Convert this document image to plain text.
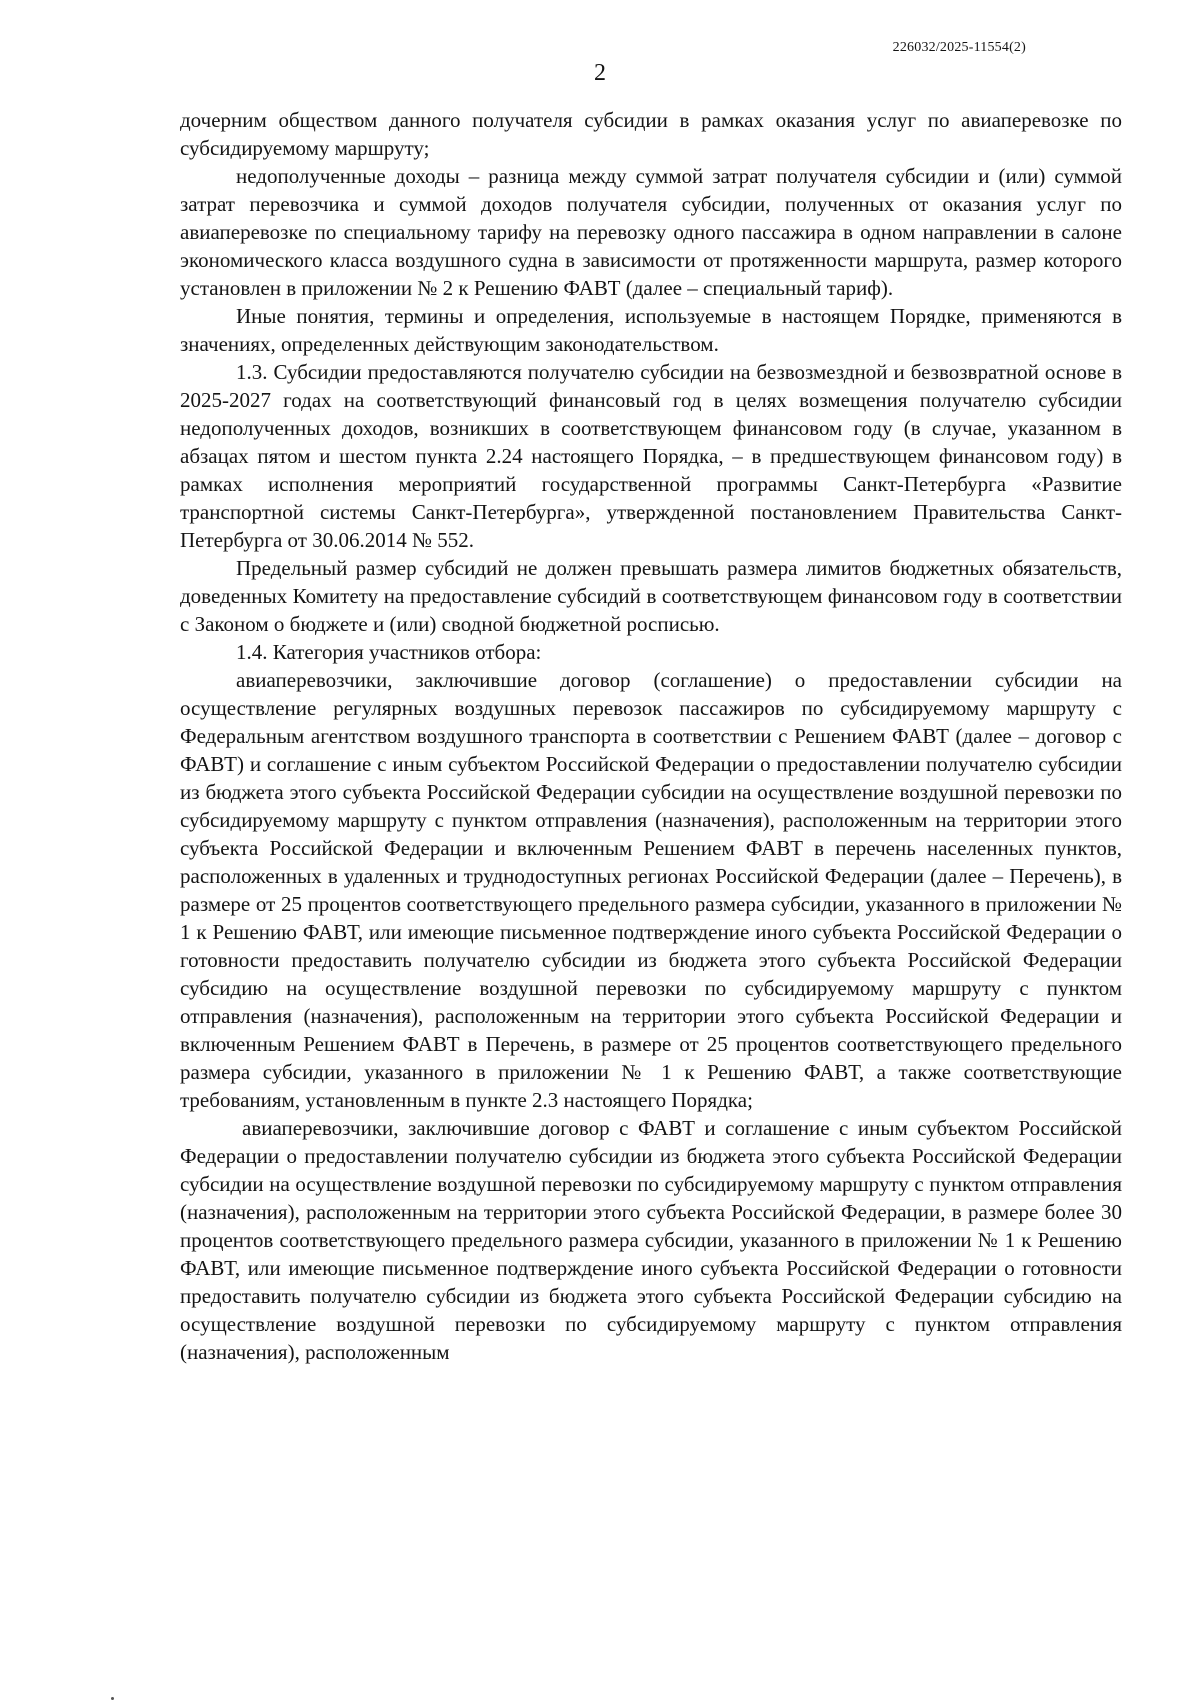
226032/2025-11554(2)
2

дочерним обществом данного получателя субсидии в рамках оказания услуг по авиаперевозке по субсидируемому маршруту;

недополученные доходы – разница между суммой затрат получателя субсидии и (или) суммой затрат перевозчика и суммой доходов получателя субсидии, полученных от оказания услуг по авиаперевозке по специальному тарифу на перевозку одного пассажира в одном направлении в салоне экономического класса воздушного судна в зависимости от протяженности маршрута, размер которого установлен в приложении № 2 к Решению ФАВТ (далее – специальный тариф).

Иные понятия, термины и определения, используемые в настоящем Порядке, применяются в значениях, определенных действующим законодательством.

1.3. Субсидии предоставляются получателю субсидии на безвозмездной и безвозвратной основе в 2025-2027 годах на соответствующий финансовый год в целях возмещения получателю субсидии недополученных доходов, возникших в соответствующем финансовом году (в случае, указанном в абзацах пятом и шестом пункта 2.24 настоящего Порядка, – в предшествующем финансовом году) в рамках исполнения мероприятий государственной программы Санкт-Петербурга «Развитие транспортной системы Санкт-Петербурга», утвержденной постановлением Правительства Санкт-Петербурга от 30.06.2014 № 552.

Предельный размер субсидий не должен превышать размера лимитов бюджетных обязательств, доведенных Комитету на предоставление субсидий в соответствующем финансовом году в соответствии с Законом о бюджете и (или) сводной бюджетной росписью.

1.4. Категория участников отбора:

авиаперевозчики, заключившие договор (соглашение) о предоставлении субсидии на осуществление регулярных воздушных перевозок пассажиров по субсидируемому маршруту с Федеральным агентством воздушного транспорта в соответствии с Решением ФАВТ (далее – договор с ФАВТ) и соглашение с иным субъектом Российской Федерации о предоставлении получателю субсидии из бюджета этого субъекта Российской Федерации субсидии на осуществление воздушной перевозки по субсидируемому маршруту с пунктом отправления (назначения), расположенным на территории этого субъекта Российской Федерации и включенным Решением ФАВТ в перечень населенных пунктов, расположенных в удаленных и труднодоступных регионах Российской Федерации (далее – Перечень), в размере от 25 процентов соответствующего предельного размера субсидии, указанного в приложении № 1 к Решению ФАВТ, или имеющие письменное подтверждение иного субъекта Российской Федерации о готовности предоставить получателю субсидии из бюджета этого субъекта Российской Федерации субсидию на осуществление воздушной перевозки по субсидируемому маршруту с пунктом отправления (назначения), расположенным на территории этого субъекта Российской Федерации и включенным Решением ФАВТ в Перечень, в размере от 25 процентов соответствующего предельного размера субсидии, указанного в приложении № 1 к Решению ФАВТ, а также соответствующие требованиям, установленным в пункте 2.3 настоящего Порядка;

авиаперевозчики, заключившие договор с ФАВТ и соглашение с иным субъектом Российской Федерации о предоставлении получателю субсидии из бюджета этого субъекта Российской Федерации субсидии на осуществление воздушной перевозки по субсидируемому маршруту с пунктом отправления (назначения), расположенным на территории этого субъекта Российской Федерации, в размере более 30 процентов соответствующего предельного размера субсидии, указанного в приложении № 1 к Решению ФАВТ, или имеющие письменное подтверждение иного субъекта Российской Федерации о готовности предоставить получателю субсидии из бюджета этого субъекта Российской Федерации субсидию на осуществление воздушной перевозки по субсидируемому маршруту с пунктом отправления (назначения), расположенным
